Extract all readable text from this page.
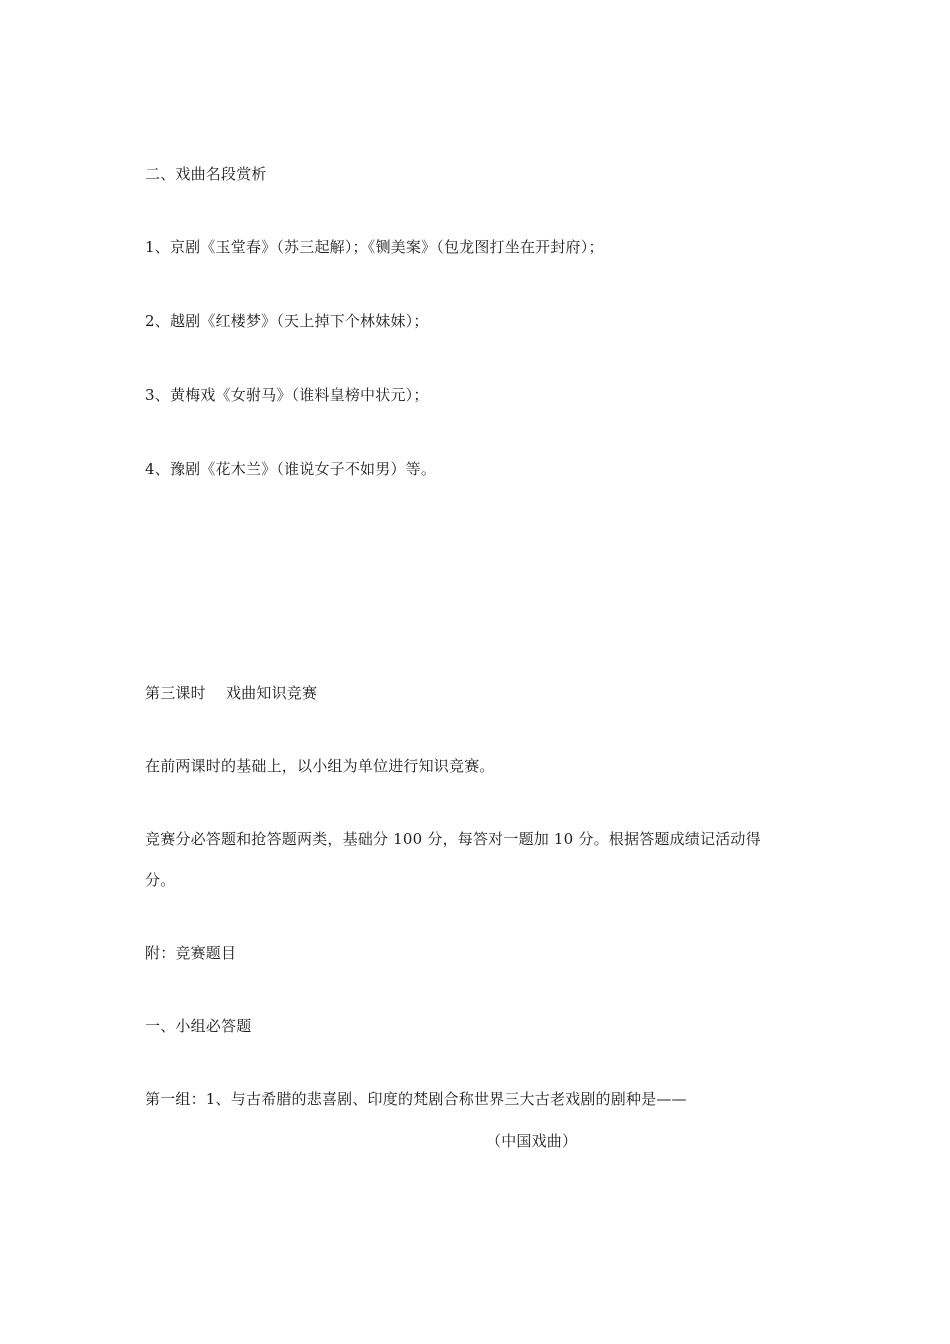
二、戏曲名段赏析
1、京剧《玉堂春》（苏三起解）；《铡美案》（包龙图打坐在开封府）；
2、越剧《红楼梦》（天上掉下个林妹妹）；
3、黄梅戏《女驸马》（谁料皇榜中状元）；
4、豫剧《花木兰》（谁说女子不如男）等。
第三课时　 戏曲知识竞赛
在前两课时的基础上，以小组为单位进行知识竞赛。
竞赛分必答题和抢答题两类，基础分 100 分，每答对一题加 10 分。根据答题成绩记活动得
分。
附：竞赛题目
一、小组必答题
第一组：1、与古希腊的悲喜剧、印度的梵剧合称世界三大古老戏剧的剧种是——
（中国戏曲）
